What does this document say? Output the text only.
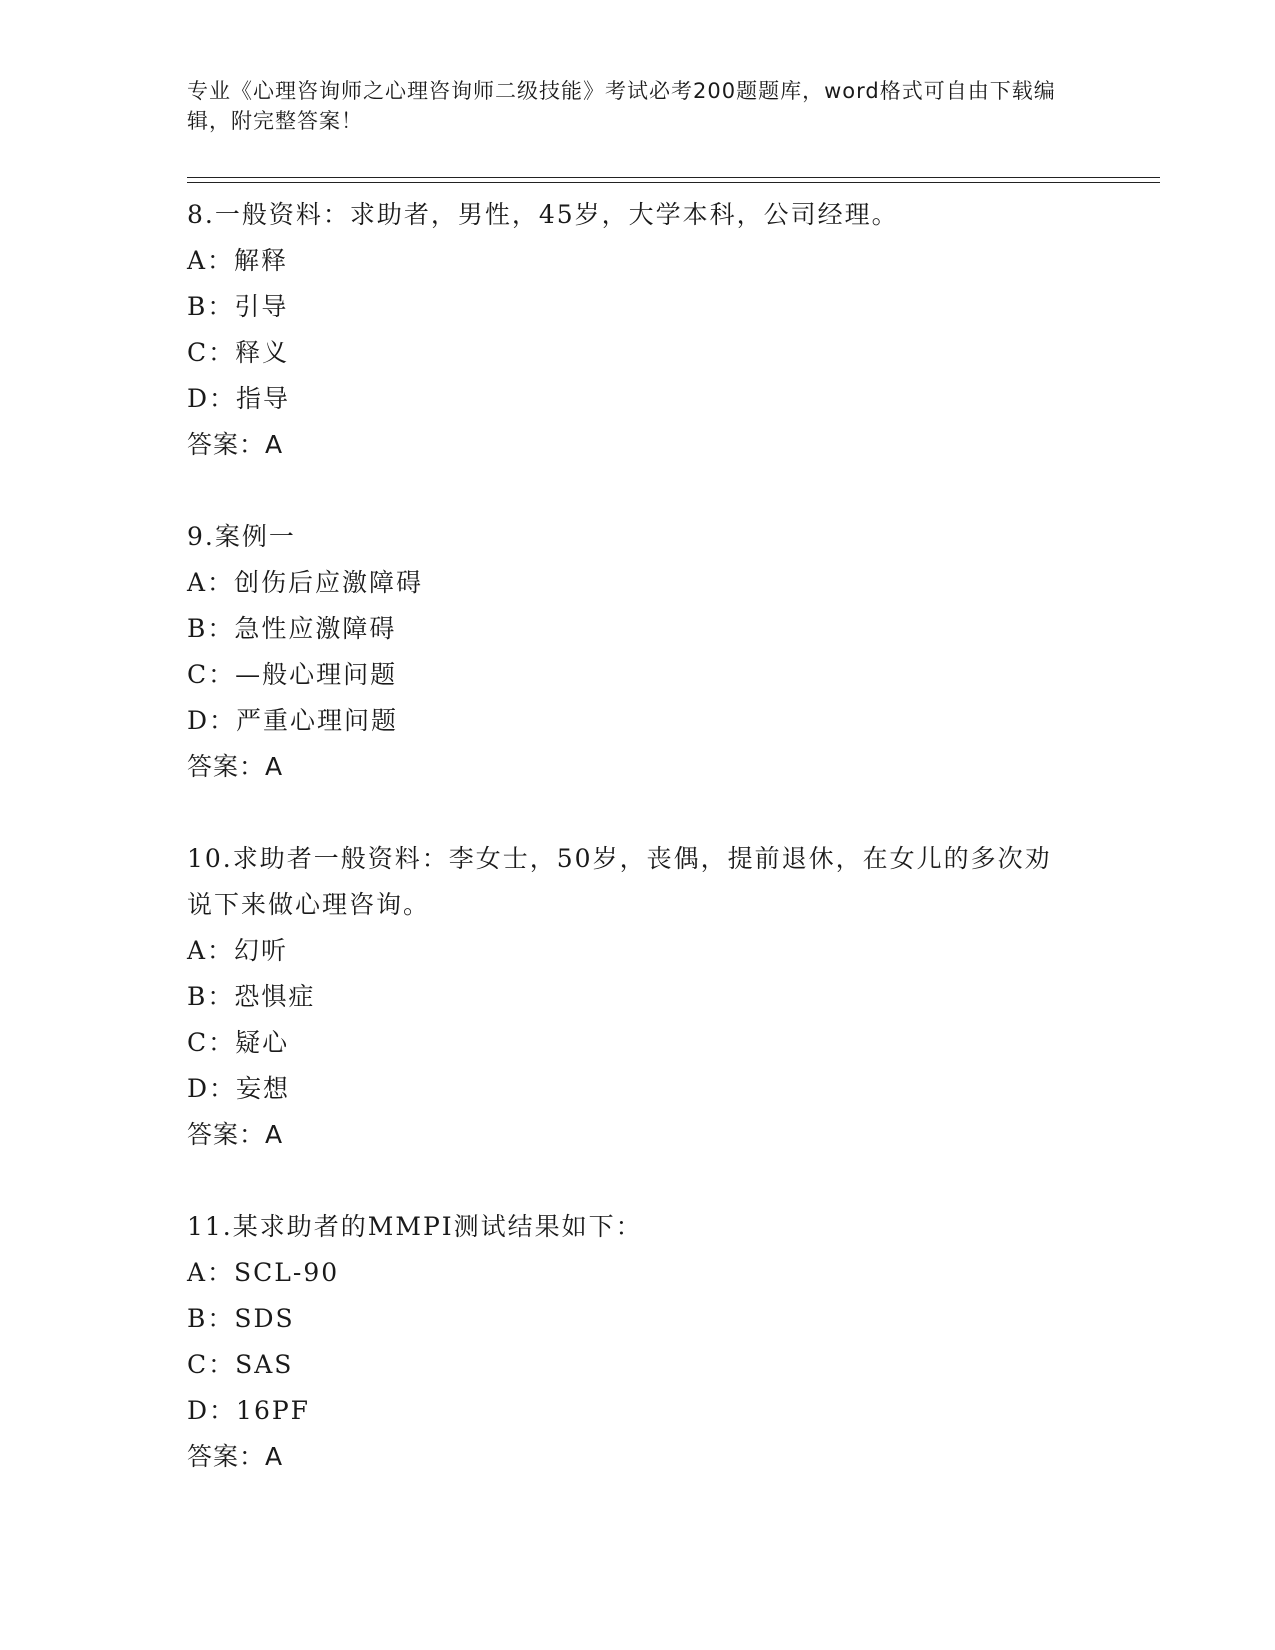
专业《心理咨询师之心理咨询师二级技能》考试必考200题题库，word格式可自由下载编辑，附完整答案！
8.一般资料：求助者，男性，45岁，大学本科，公司经理。
A：解释
B：引导
C：释义
D：指导
答案：A
9.案例一
A：创伤后应激障碍
B：急性应激障碍
C：—般心理问题
D：严重心理问题
答案：A
10.求助者一般资料：李女士，50岁，丧偶，提前退休，在女儿的多次劝说下来做心理咨询。
A：幻听
B：恐惧症
C：疑心
D：妄想
答案：A
11.某求助者的MMPI测试结果如下：
A：SCL-90
B：SDS
C：SAS
D：16PF
答案：A
